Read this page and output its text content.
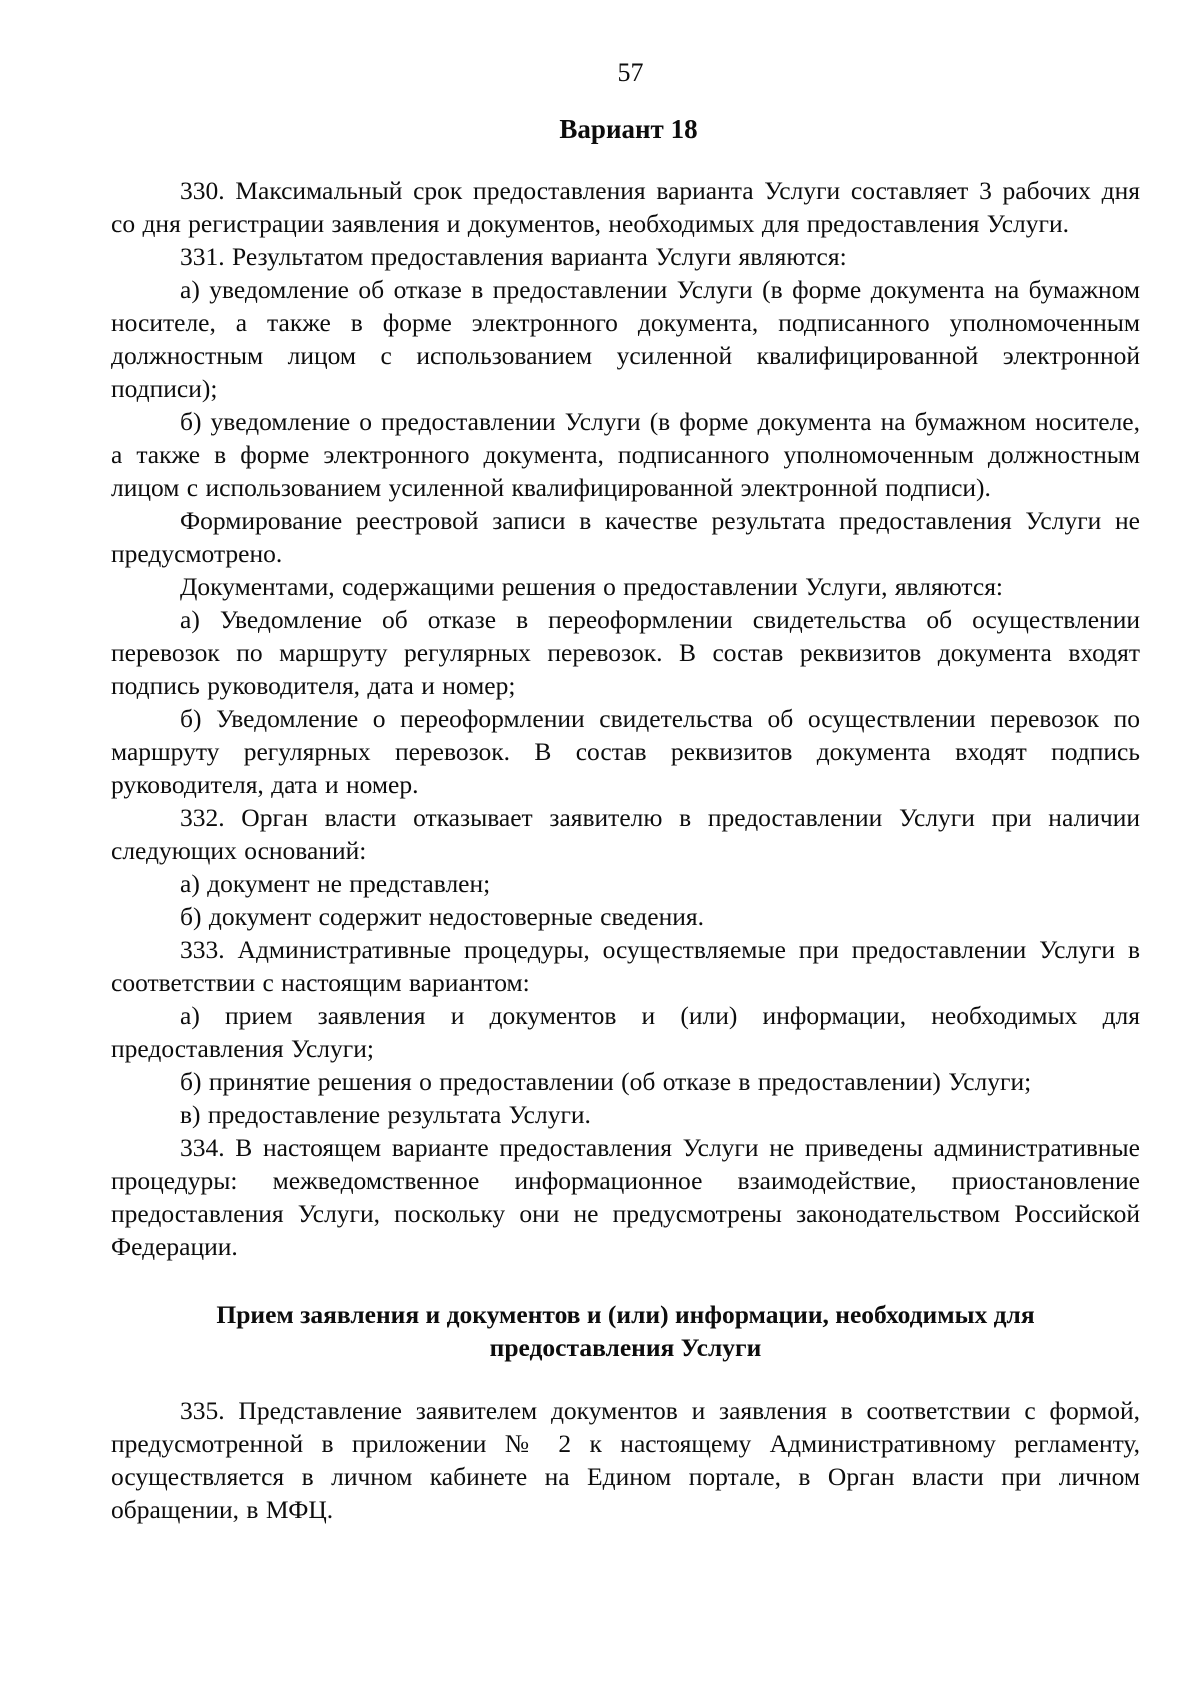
57
Вариант 18

330. Максимальный срок предоставления варианта Услуги составляет 3 рабочих дня со дня регистрации заявления и документов, необходимых для предоставления Услуги.

331. Результатом предоставления варианта Услуги являются:

а) уведомление об отказе в предоставлении Услуги (в форме документа на бумажном носителе, а также в форме электронного документа, подписанного уполномоченным должностным лицом с использованием усиленной квалифицированной электронной подписи);

б) уведомление о предоставлении Услуги (в форме документа на бумажном носителе, а также в форме электронного документа, подписанного уполномоченным должностным лицом с использованием усиленной квалифицированной электронной подписи).

Формирование реестровой записи в качестве результата предоставления Услуги не предусмотрено.

Документами, содержащими решения о предоставлении Услуги, являются:

а) Уведомление об отказе в переоформлении свидетельства об осуществлении перевозок по маршруту регулярных перевозок. В состав реквизитов документа входят подпись руководителя, дата и номер;

б) Уведомление о переоформлении свидетельства об осуществлении перевозок по маршруту регулярных перевозок. В состав реквизитов документа входят подпись руководителя, дата и номер.

332. Орган власти отказывает заявителю в предоставлении Услуги при наличии следующих оснований:

а) документ не представлен;

б) документ содержит недостоверные сведения.

333. Административные процедуры, осуществляемые при предоставлении Услуги в соответствии с настоящим вариантом:

а) прием заявления и документов и (или) информации, необходимых для предоставления Услуги;

б) принятие решения о предоставлении (об отказе в предоставлении) Услуги;

в) предоставление результата Услуги.

334. В настоящем варианте предоставления Услуги не приведены административные процедуры: межведомственное информационное взаимодействие, приостановление предоставления Услуги, поскольку они не предусмотрены законодательством Российской Федерации.

Прием заявления и документов и (или) информации, необходимых для
предоставления Услуги

335. Представление заявителем документов и заявления в соответствии с формой, предусмотренной в приложении № 2 к настоящему Административному регламенту, осуществляется в личном кабинете на Едином портале, в Орган власти при личном обращении, в МФЦ.
